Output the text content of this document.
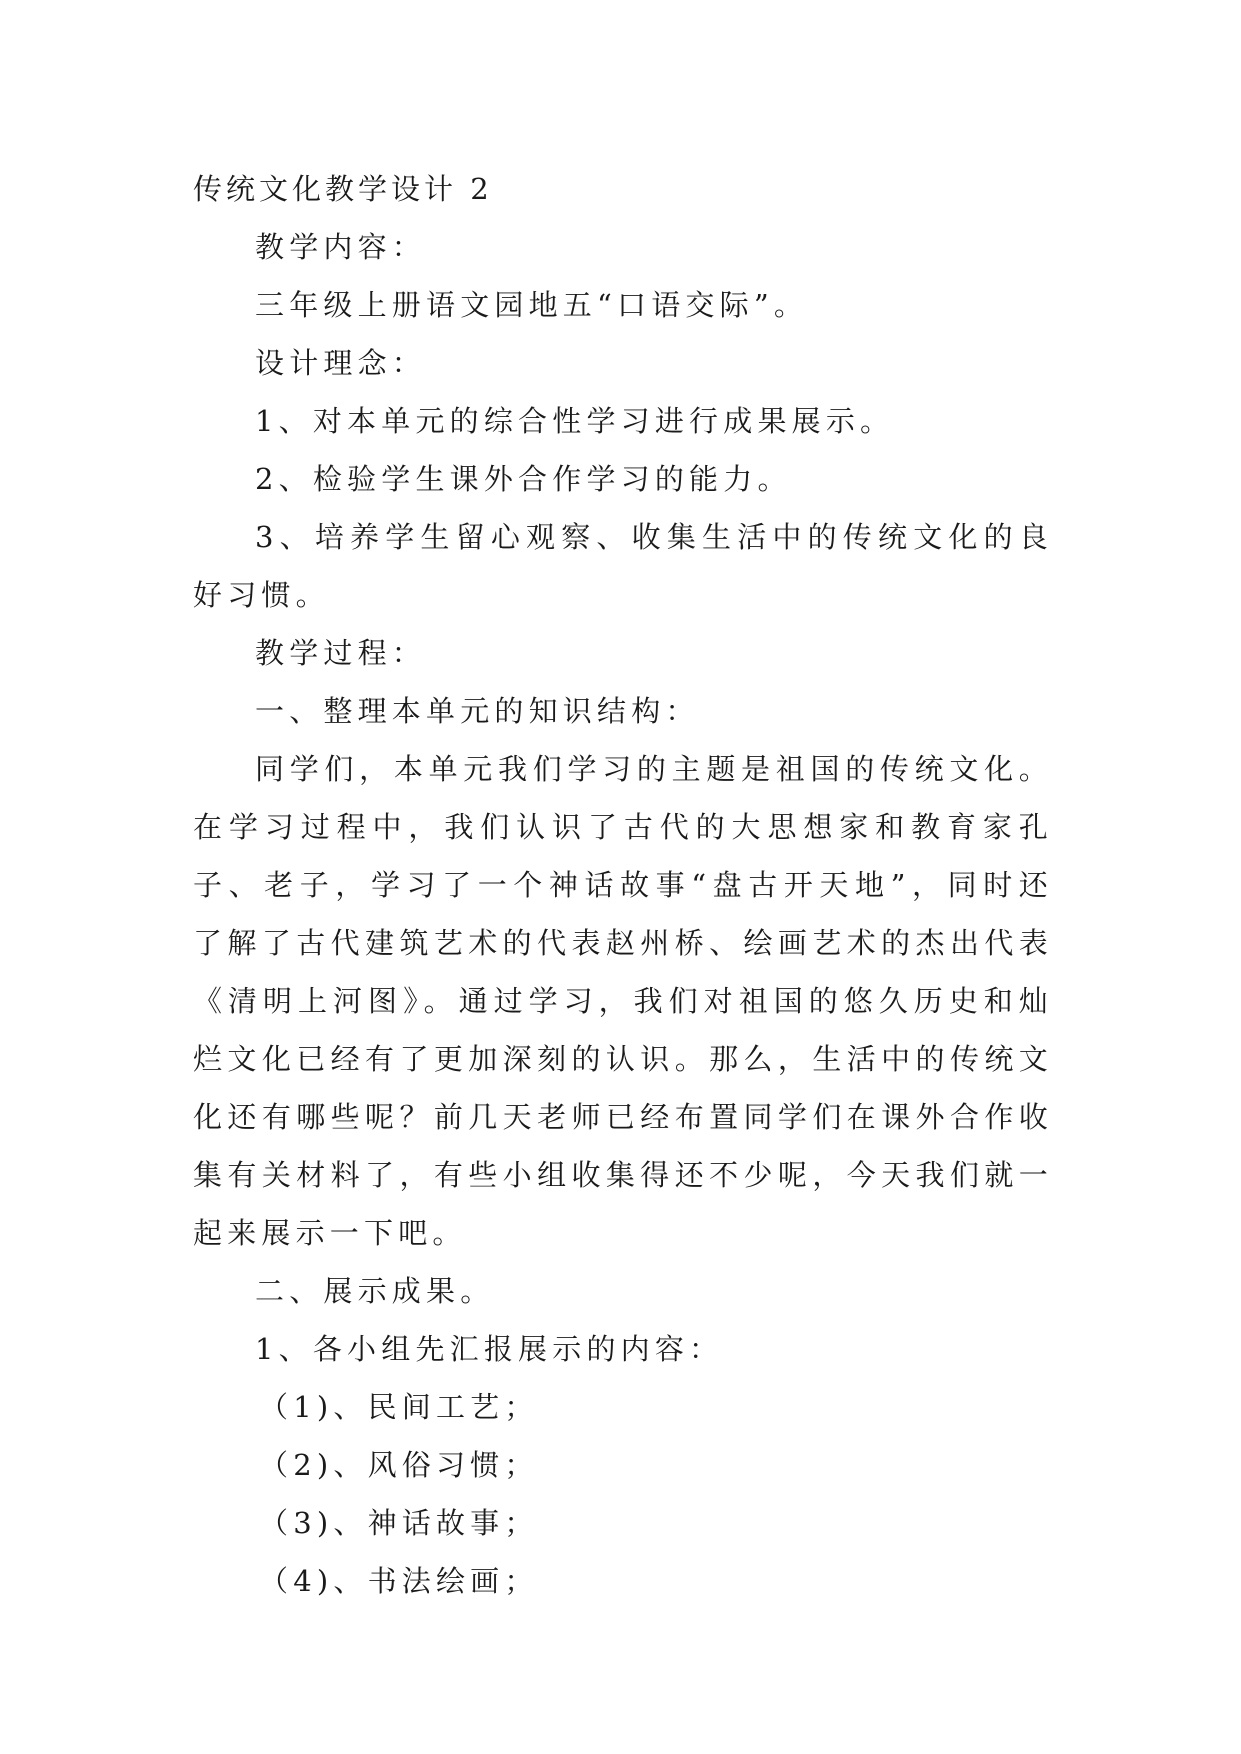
传统文化教学设计 2
教学内容：
三年级上册语文园地五“口语交际”。
设计理念：
1、对本单元的综合性学习进行成果展示。
2、检验学生课外合作学习的能力。

3、培养学生留心观察、收集生活中的传统文化的良好习惯。

教学过程：
一、整理本单元的知识结构：

同学们，本单元我们学习的主题是祖国的传统文化。在学习过程中，我们认识了古代的大思想家和教育家孔子、老子，学习了一个神话故事“盘古开天地”，同时还了解了古代建筑艺术的代表赵州桥、绘画艺术的杰出代表《清明上河图》。通过学习，我们对祖国的悠久历史和灿烂文化已经有了更加深刻的认识。那么，生活中的传统文化还有哪些呢？前几天老师已经布置同学们在课外合作收集有关材料了，有些小组收集得还不少呢，今天我们就一起来展示一下吧。

二、展示成果。
1、各小组先汇报展示的内容：
（1)、民间工艺；
（2)、风俗习惯；
（3)、神话故事；
（4)、书法绘画；
